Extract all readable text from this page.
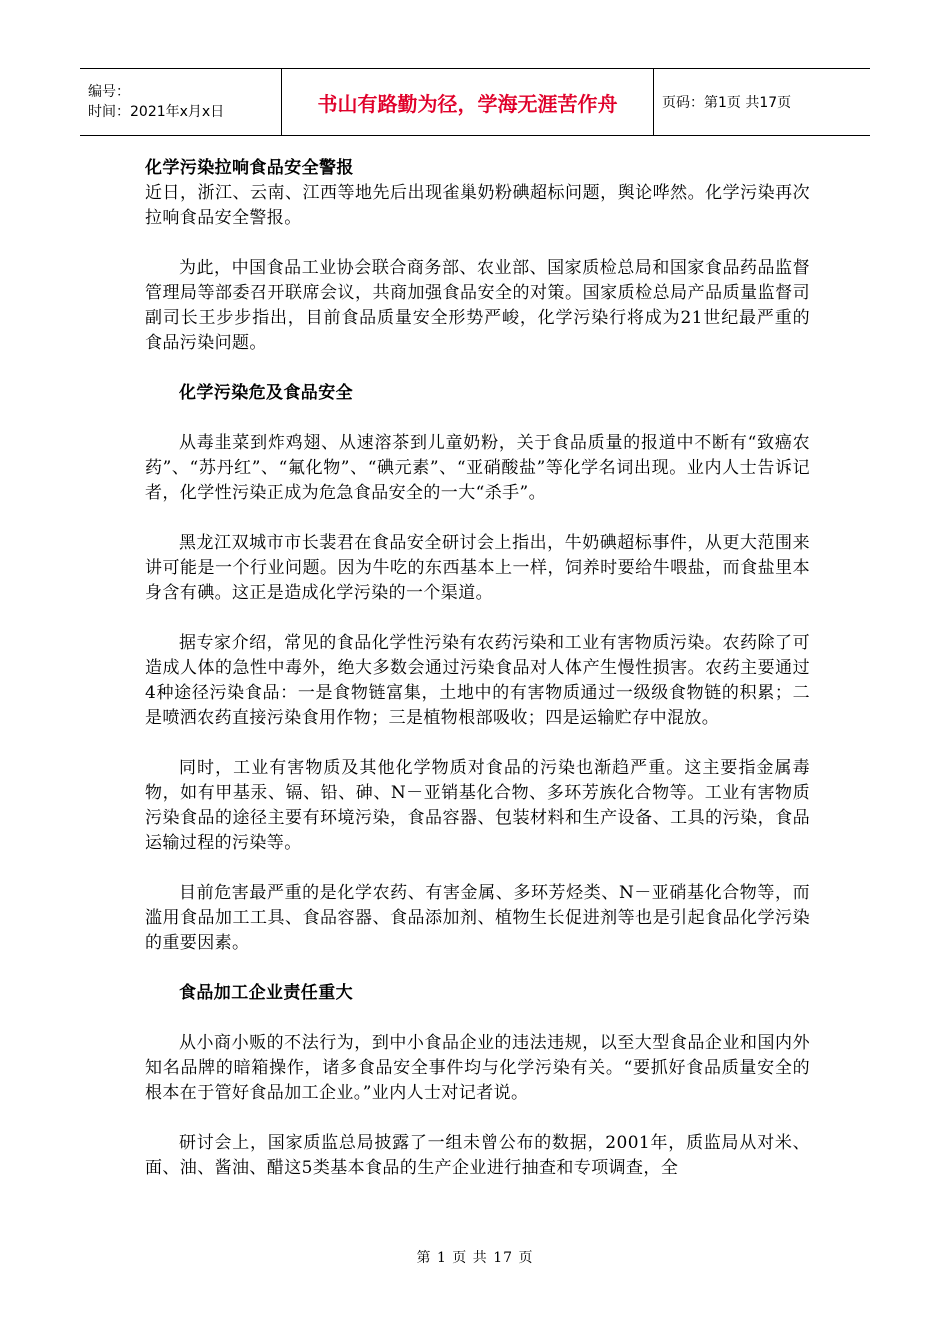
编号：
时间：2021年x月x日	书山有路勤为径，学海无涯苦作舟	页码：第1页 共17页
化学污染拉响食品安全警报

近日，浙江、云南、江西等地先后出现雀巢奶粉碘超标问题，舆论哗然。化学污染再次拉响食品安全警报。

为此，中国食品工业协会联合商务部、农业部、国家质检总局和国家食品药品监督管理局等部委召开联席会议，共商加强食品安全的对策。国家质检总局产品质量监督司副司长王步步指出，目前食品质量安全形势严峻，化学污染行将成为21世纪最严重的食品污染问题。

化学污染危及食品安全

从毒韭菜到炸鸡翅、从速溶茶到儿童奶粉，关于食品质量的报道中不断有“致癌农药”、“苏丹红”、“氟化物”、“碘元素”、“亚硝酸盐”等化学名词出现。业内人士告诉记者，化学性污染正成为危急食品安全的一大“杀手”。

黑龙江双城市市长裴君在食品安全研讨会上指出，牛奶碘超标事件，从更大范围来讲可能是一个行业问题。因为牛吃的东西基本上一样，饲养时要给牛喂盐，而食盐里本身含有碘。这正是造成化学污染的一个渠道。

据专家介绍，常见的食品化学性污染有农药污染和工业有害物质污染。农药除了可造成人体的急性中毒外，绝大多数会通过污染食品对人体产生慢性损害。农药主要通过4种途径污染食品：一是食物链富集，土地中的有害物质通过一级级食物链的积累；二是喷洒农药直接污染食用作物；三是植物根部吸收；四是运输贮存中混放。

同时，工业有害物质及其他化学物质对食品的污染也渐趋严重。这主要指金属毒物，如有甲基汞、镉、铅、砷、N－亚销基化合物、多环芳族化合物等。工业有害物质污染食品的途径主要有环境污染，食品容器、包装材料和生产设备、工具的污染，食品运输过程的污染等。

目前危害最严重的是化学农药、有害金属、多环芳烃类、N－亚硝基化合物等，而滥用食品加工工具、食品容器、食品添加剂、植物生长促进剂等也是引起食品化学污染的重要因素。

食品加工企业责任重大

从小商小贩的不法行为，到中小食品企业的违法违规，以至大型食品企业和国内外知名品牌的暗箱操作，诸多食品安全事件均与化学污染有关。“要抓好食品质量安全的根本在于管好食品加工企业。”业内人士对记者说。

研讨会上，国家质监总局披露了一组未曾公布的数据，2001年，质监局从对米、面、油、酱油、醋这5类基本食品的生产企业进行抽查和专项调查，全

第 1 页 共 17 页
